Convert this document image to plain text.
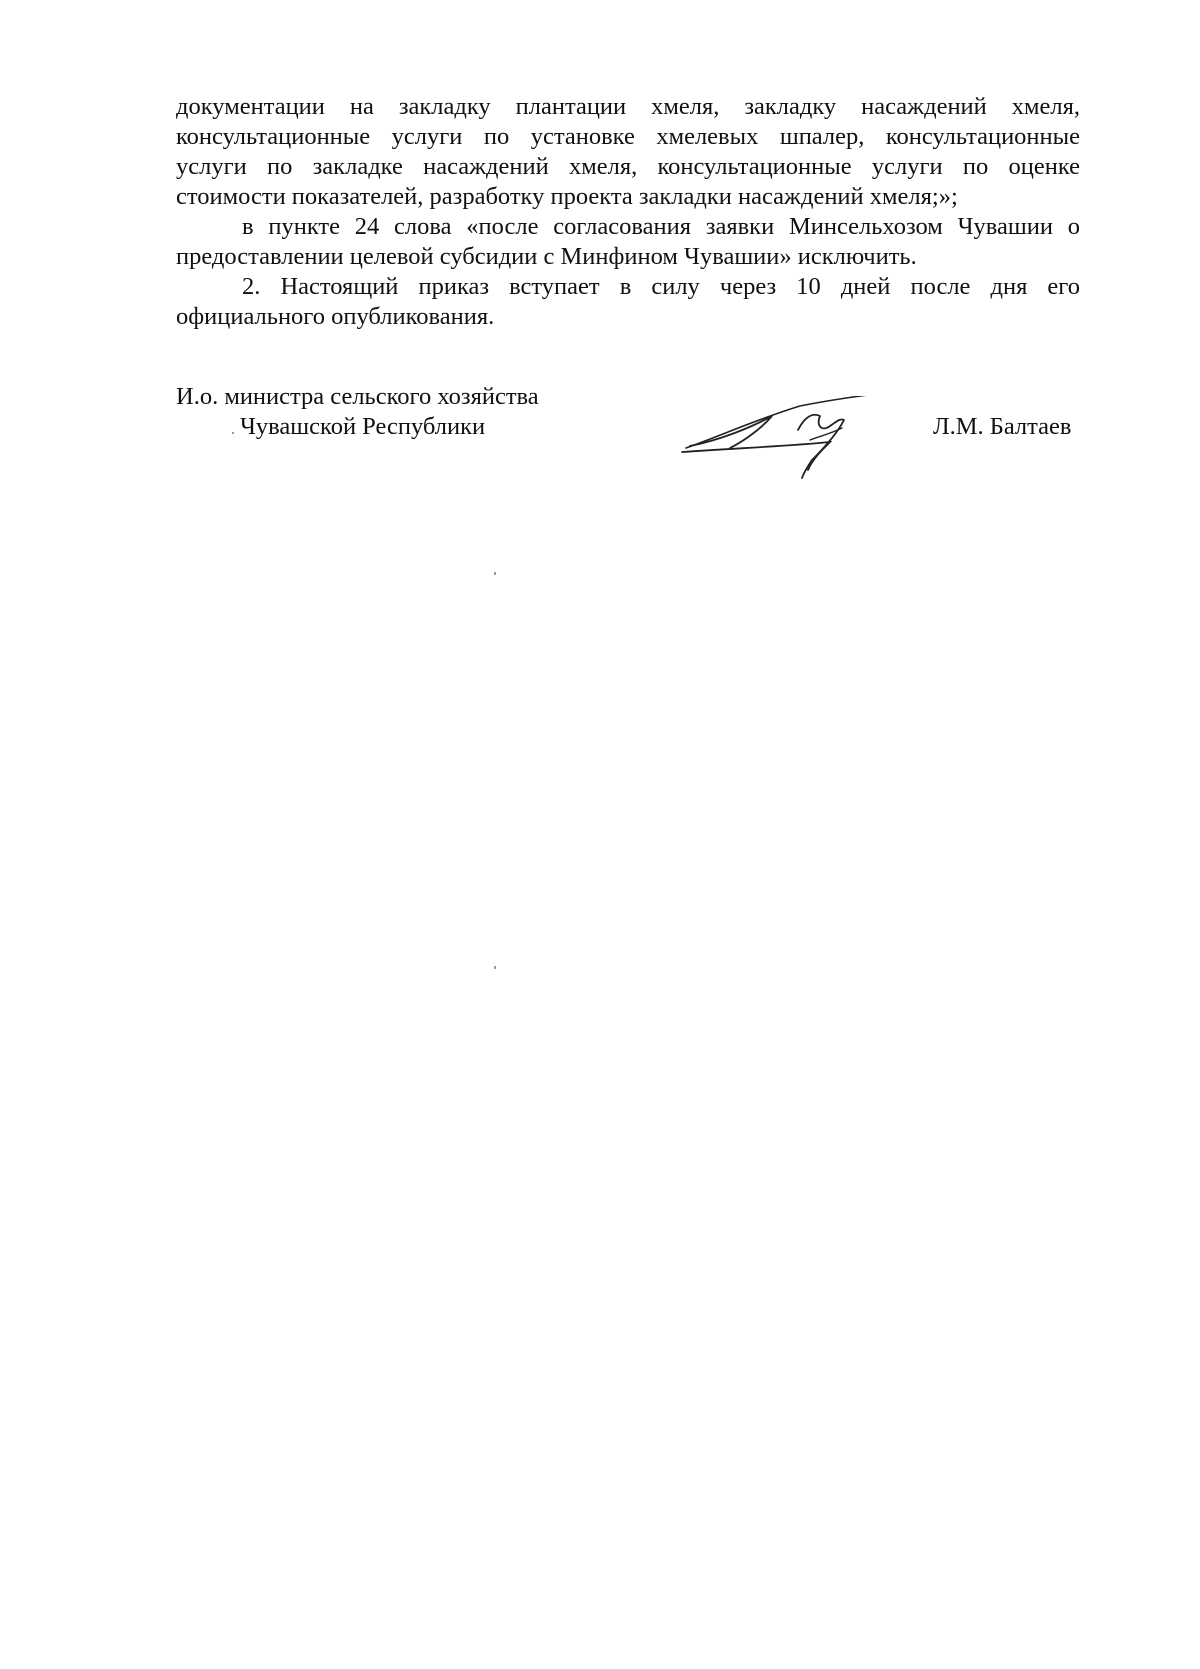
документации на закладку плантации хмеля, закладку насаждений хмеля,
консультационные услуги по установке хмелевых шпалер, консультационные
услуги по закладке насаждений хмеля, консультационные услуги по оценке
стоимости показателей, разработку проекта закладки насаждений хмеля;»;

в пункте 24 слова «после согласования заявки Минсельхозом Чувашии о
предоставлении целевой субсидии с Минфином Чувашии» исключить.

2. Настоящий приказ вступает в силу через 10 дней после дня его
официального опубликования.

И.о. министра сельского хозяйства
Чувашской Республики	Л.М. Балтаев
